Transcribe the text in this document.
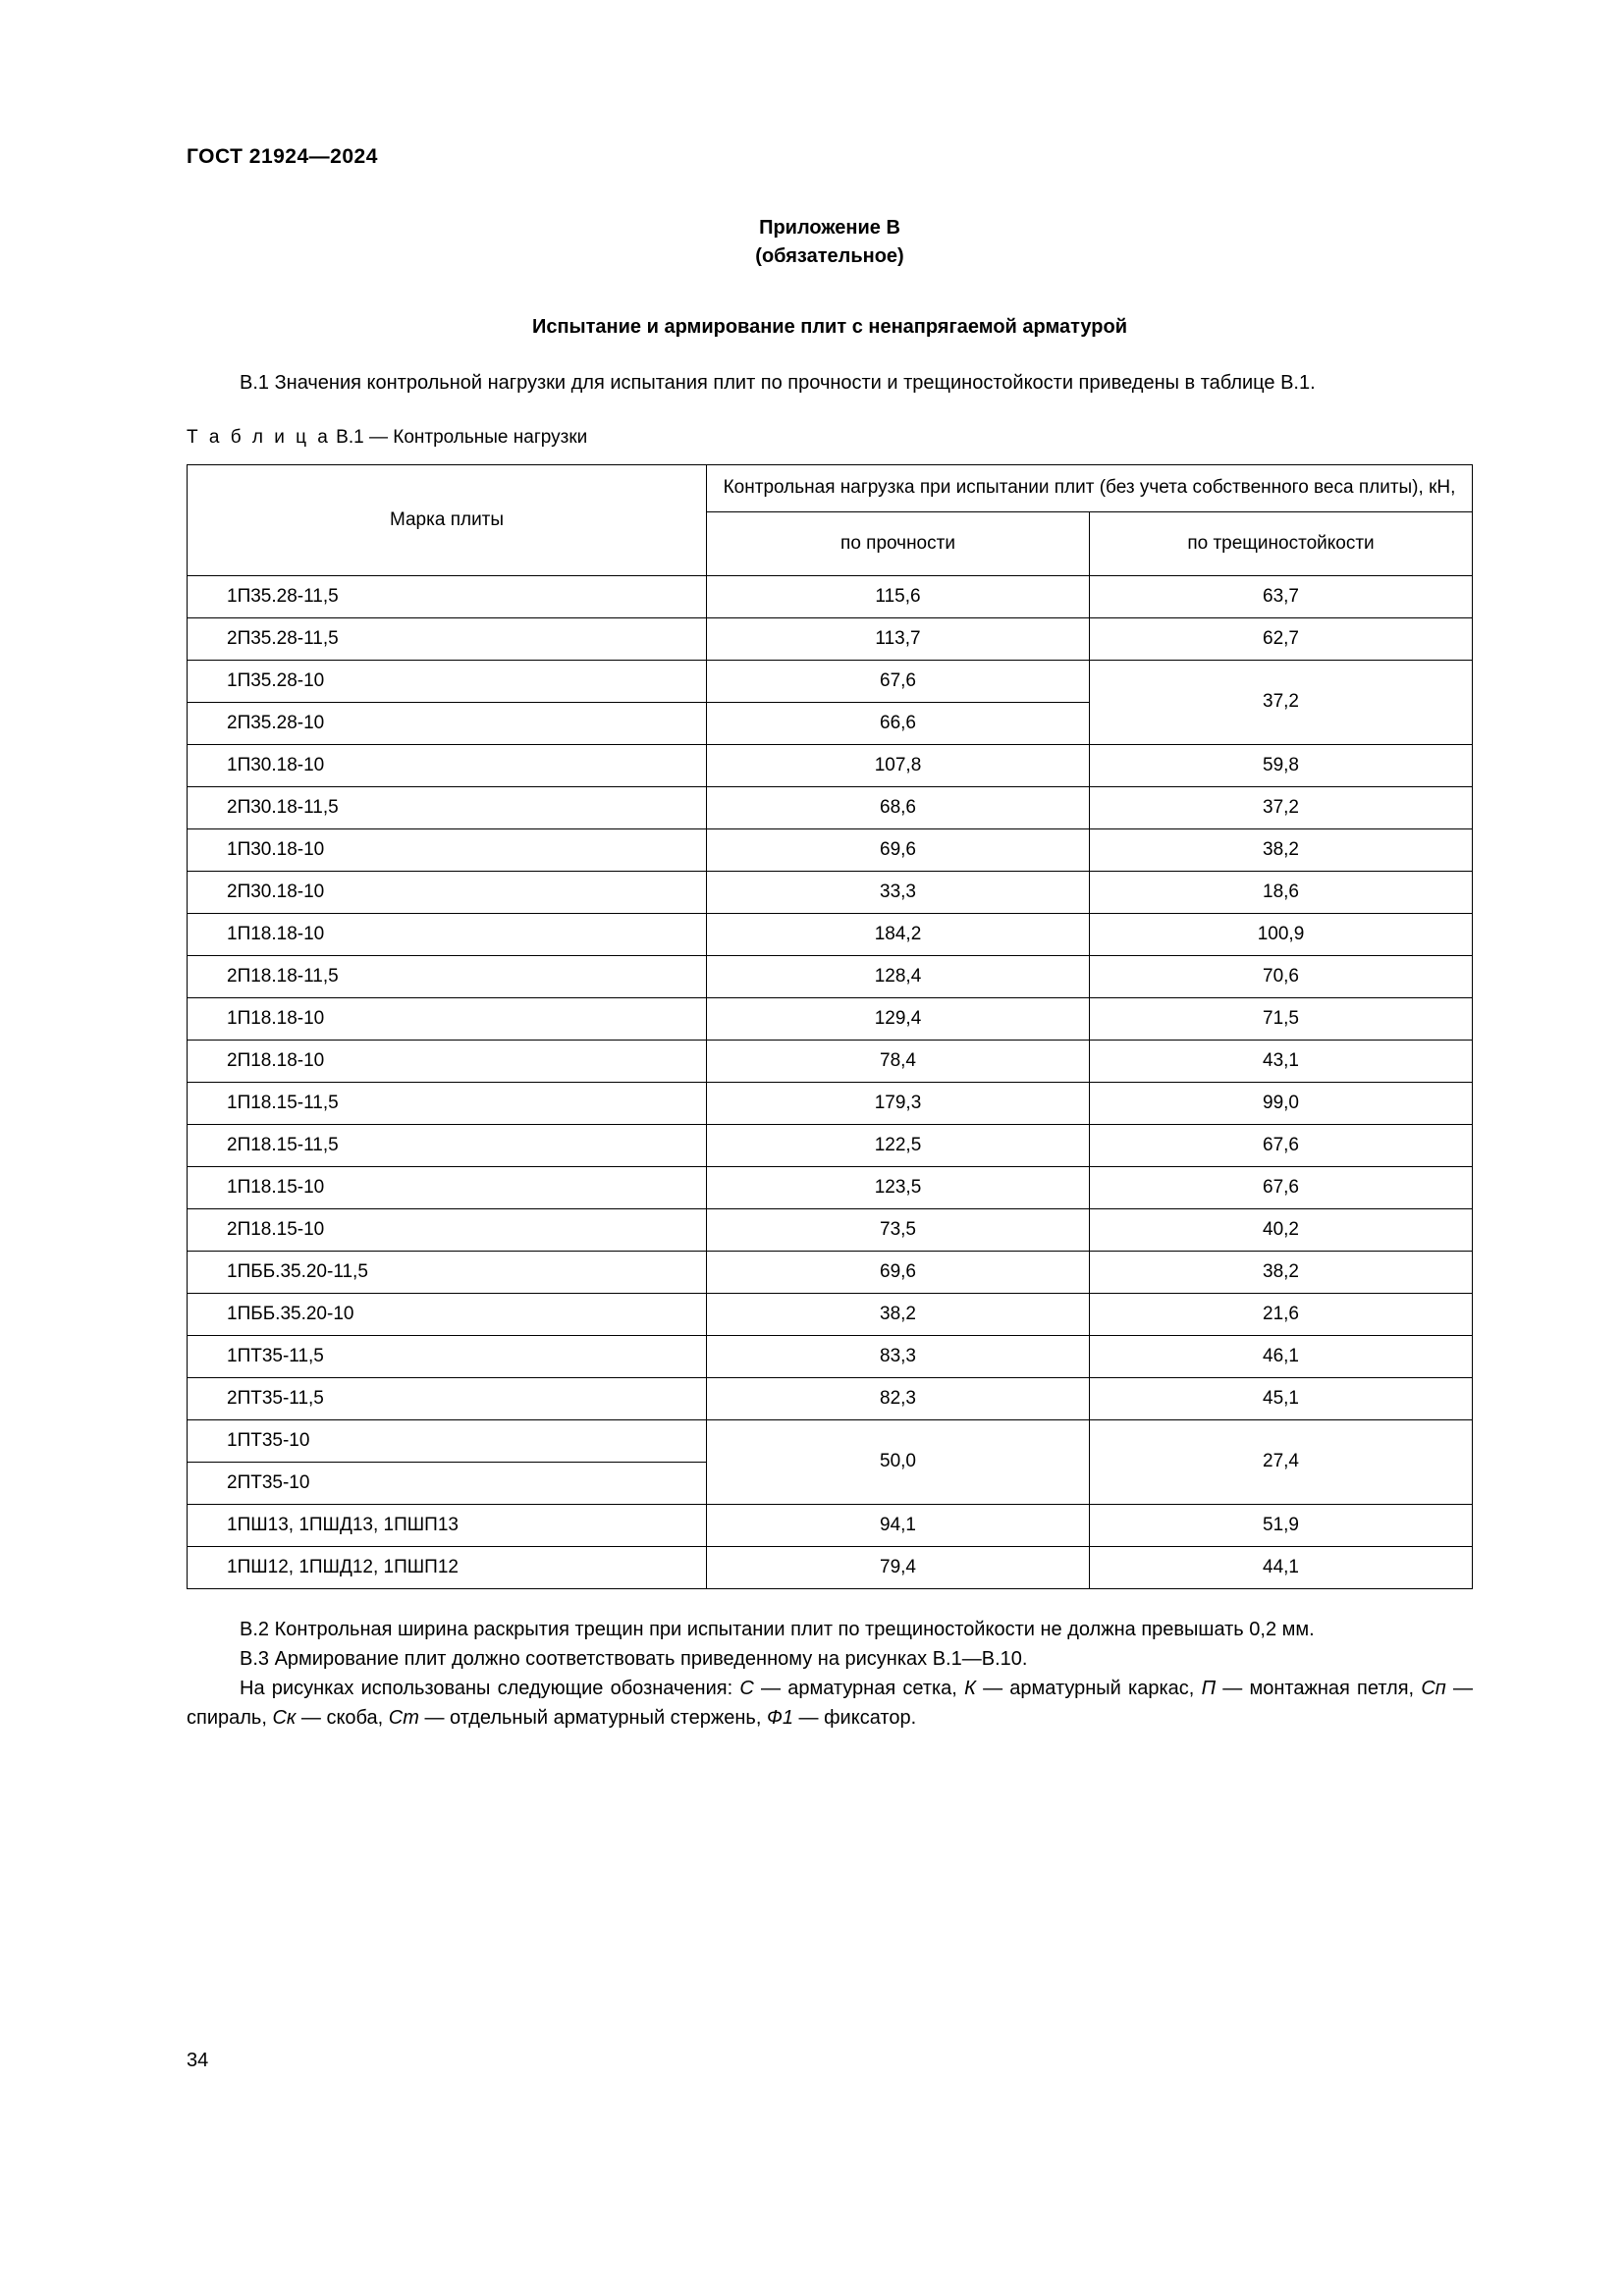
ГОСТ 21924—2024
Приложение В
(обязательное)
Испытание и армирование плит с ненапрягаемой арматурой
В.1 Значения контрольной нагрузки для испытания плит по прочности и трещиностойкости приведены в таблице В.1.
Т а б л и ц а В.1 — Контрольные нагрузки
Марка плиты	Контрольная нагрузка при испытании плит (без учета собственного веса плиты), кН,	
	по прочности	по трещиностойкости
1П35.28-11,5	115,6	63,7
2П35.28-11,5	113,7	62,7
1П35.28-10	67,6	37,2
2П35.28-10	66,6	
1П30.18-10	107,8	59,8
2П30.18-11,5	68,6	37,2
1П30.18-10	69,6	38,2
2П30.18-10	33,3	18,6
1П18.18-10	184,2	100,9
2П18.18-11,5	128,4	70,6
1П18.18-10	129,4	71,5
2П18.18-10	78,4	43,1
1П18.15-11,5	179,3	99,0
2П18.15-11,5	122,5	67,6
1П18.15-10	123,5	67,6
2П18.15-10	73,5	40,2
1ПББ.35.20-11,5	69,6	38,2
1ПББ.35.20-10	38,2	21,6
1ПТ35-11,5	83,3	46,1
2ПТ35-11,5	82,3	45,1
1ПТ35-10	50,0	27,4
2ПТ35-10		
1ПШ13, 1ПШД13, 1ПШП13	94,1	51,9
1ПШ12, 1ПШД12, 1ПШП12	79,4	44,1

В.2 Контрольная ширина раскрытия трещин при испытании плит по трещиностойкости не должна превышать 0,2 мм.

В.3 Армирование плит должно соответствовать приведенному на рисунках В.1—В.10.

На рисунках использованы следующие обозначения: С — арматурная сетка, К — арматурный каркас, П — монтажная петля, Сп — спираль, Ск — скоба, Ст — отдельный арматурный стержень, Ф1 — фиксатор.

34
